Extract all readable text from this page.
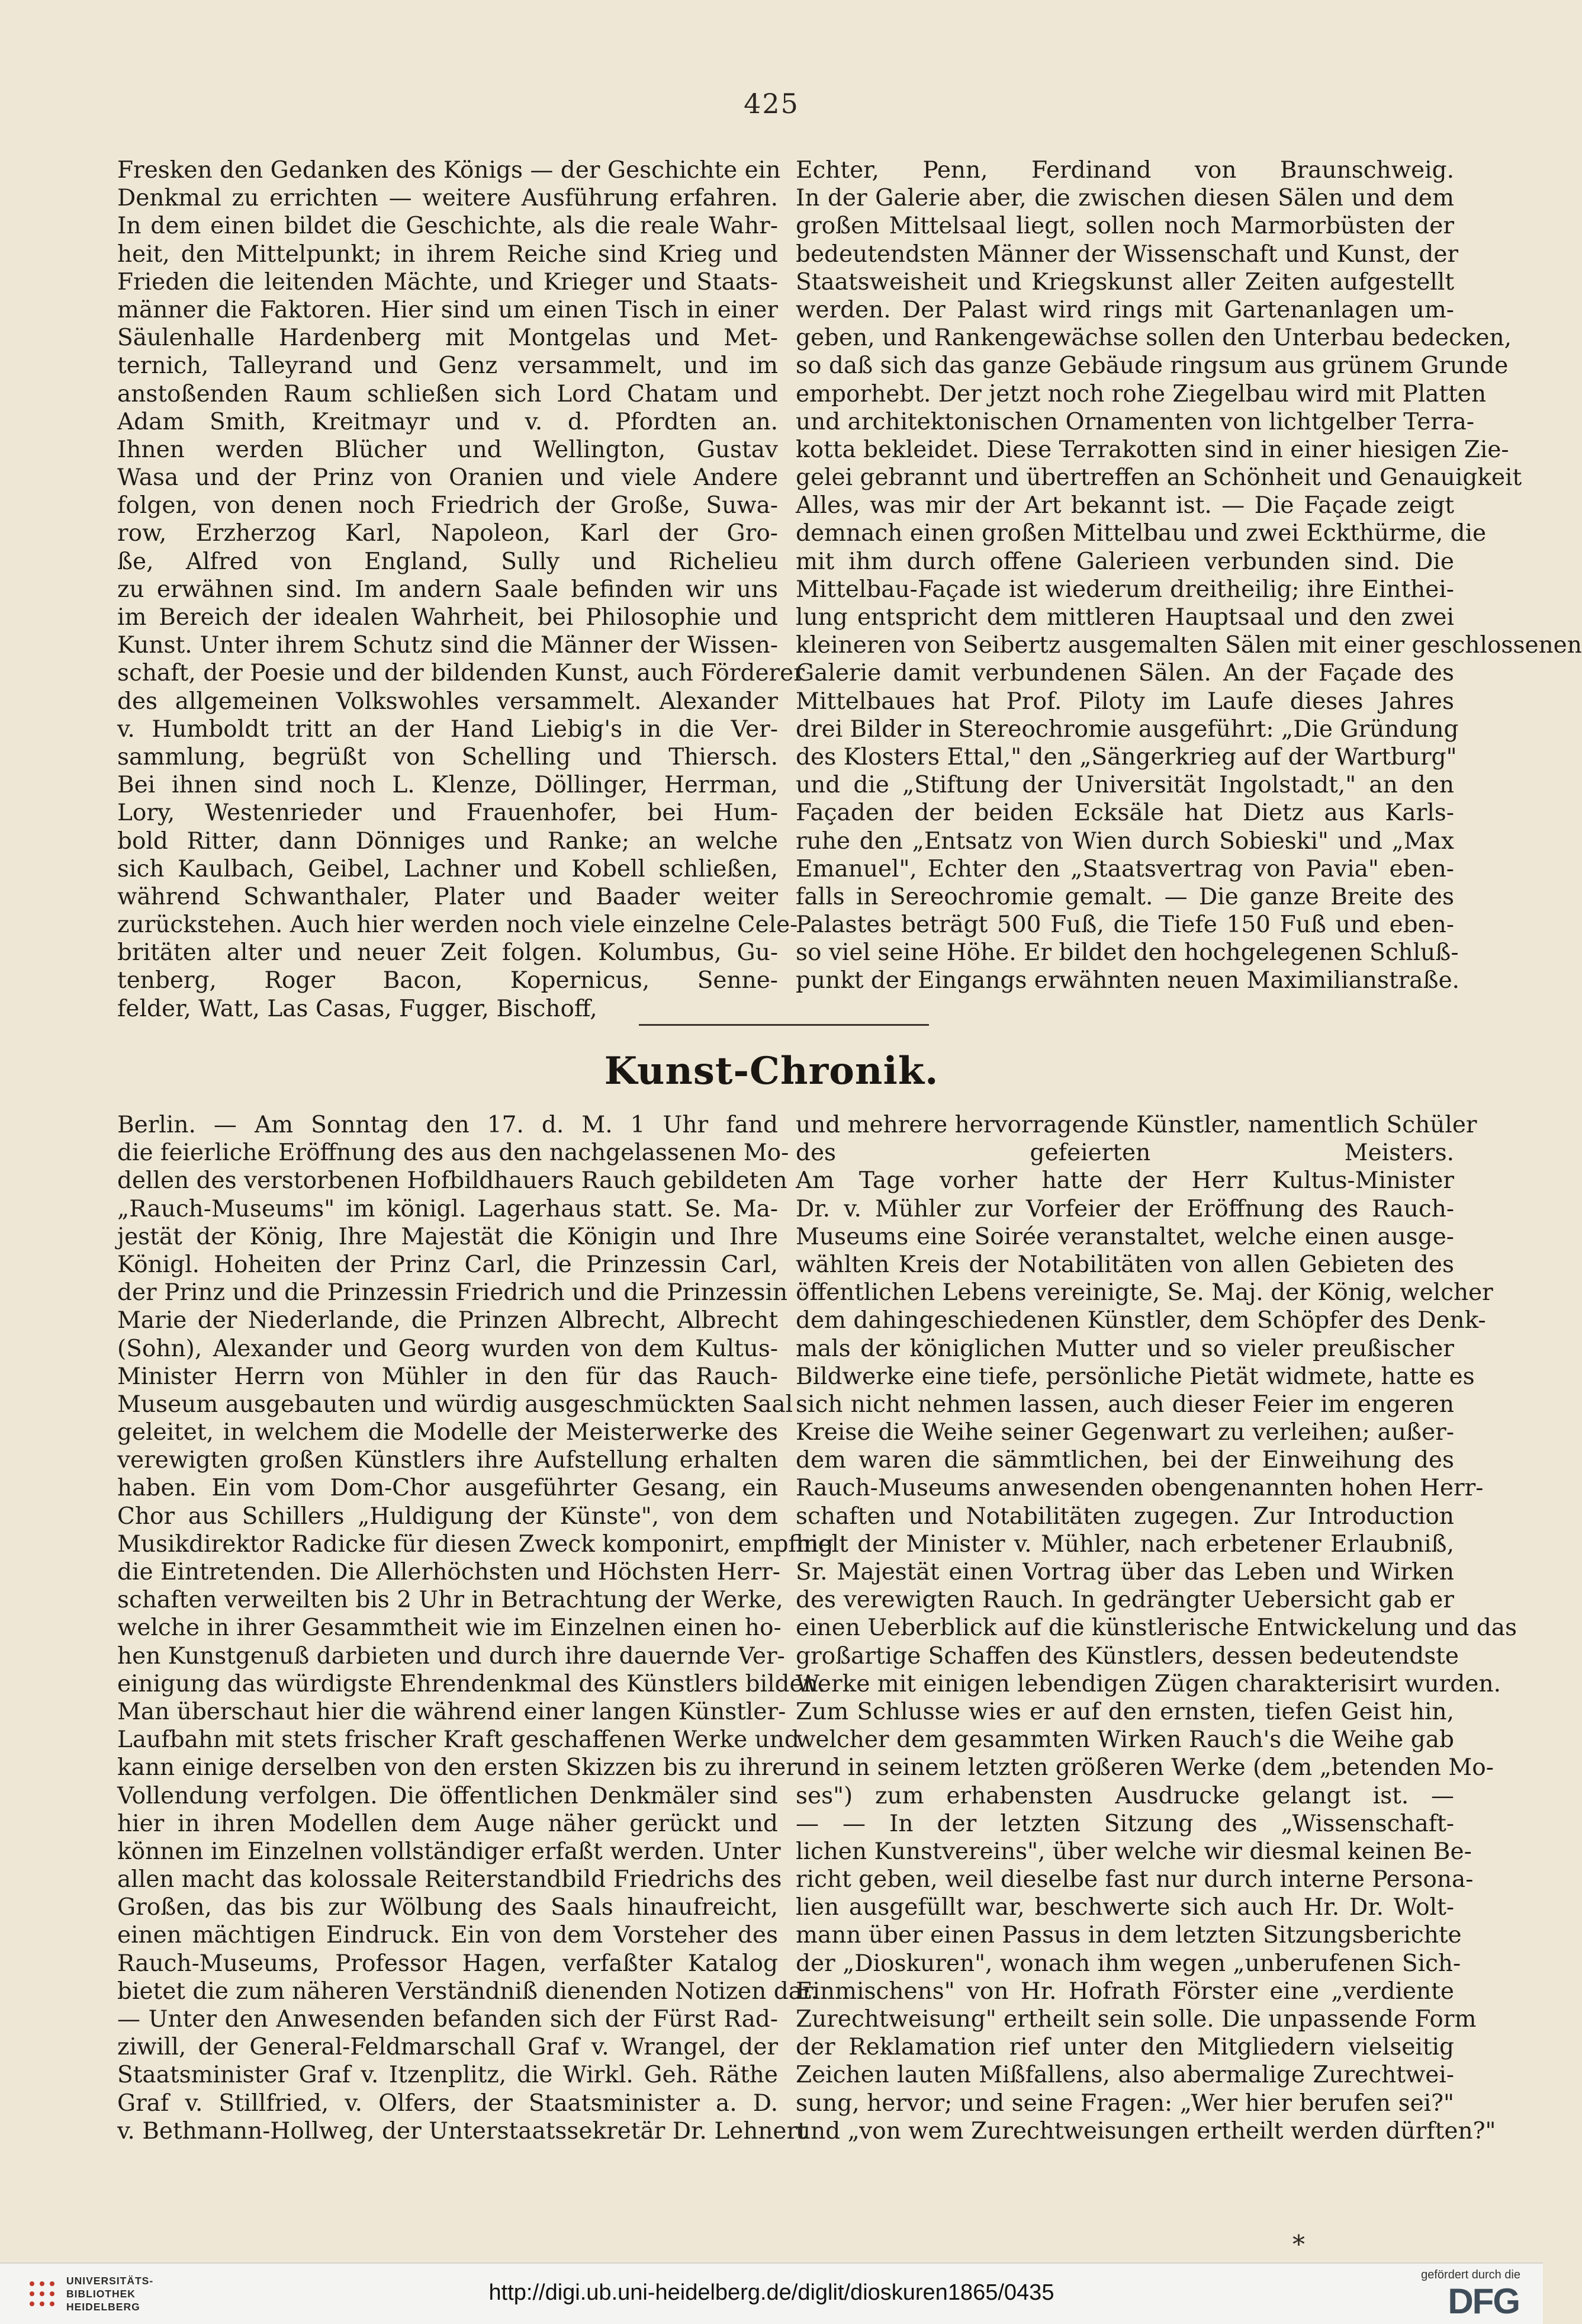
425
Fresken den Gedanken des Königs — der Geschichte ein
Denkmal zu errichten — weitere Ausführung erfahren.
In dem einen bildet die Geschichte, als die reale Wahr-
heit, den Mittelpunkt; in ihrem Reiche sind Krieg und
Frieden die leitenden Mächte, und Krieger und Staats-
männer die Faktoren. Hier sind um einen Tisch in einer
Säulenhalle Hardenberg mit Montgelas und Met-
ternich, Talleyrand und Genz versammelt, und im
anstoßenden Raum schließen sich Lord Chatam und
Adam Smith, Kreitmayr und v. d. Pfordten an.
Ihnen werden Blücher und Wellington, Gustav
Wasa und der Prinz von Oranien und viele Andere
folgen, von denen noch Friedrich der Große, Suwa-
row, Erzherzog Karl, Napoleon, Karl der Gro-
ße, Alfred von England, Sully und Richelieu
zu erwähnen sind. Im andern Saale befinden wir uns
im Bereich der idealen Wahrheit, bei Philosophie und
Kunst. Unter ihrem Schutz sind die Männer der Wissen-
schaft, der Poesie und der bildenden Kunst, auch Förderer
des allgemeinen Volkswohles versammelt. Alexander
v. Humboldt tritt an der Hand Liebig's in die Ver-
sammlung, begrüßt von Schelling und Thiersch.
Bei ihnen sind noch L. Klenze, Döllinger, Herrman,
Lory, Westenrieder und Frauenhofer, bei Hum-
bold Ritter, dann Dönniges und Ranke; an welche
sich Kaulbach, Geibel, Lachner und Kobell schließen,
während Schwanthaler, Plater und Baader weiter
zurückstehen. Auch hier werden noch viele einzelne Cele-
britäten alter und neuer Zeit folgen. Kolumbus, Gu-
tenberg, Roger Bacon, Kopernicus, Senne-
felder, Watt, Las Casas, Fugger, Bischoff,
Echter, Penn, Ferdinand von Braunschweig.
In der Galerie aber, die zwischen diesen Sälen und dem
großen Mittelsaal liegt, sollen noch Marmorbüsten der
bedeutendsten Männer der Wissenschaft und Kunst, der
Staatsweisheit und Kriegskunst aller Zeiten aufgestellt
werden. Der Palast wird rings mit Gartenanlagen um-
geben, und Rankengewächse sollen den Unterbau bedecken,
so daß sich das ganze Gebäude ringsum aus grünem Grunde
emporhebt. Der jetzt noch rohe Ziegelbau wird mit Platten
und architektonischen Ornamenten von lichtgelber Terra-
kotta bekleidet. Diese Terrakotten sind in einer hiesigen Zie-
gelei gebrannt und übertreffen an Schönheit und Genauigkeit
Alles, was mir der Art bekannt ist. — Die Façade zeigt
demnach einen großen Mittelbau und zwei Eckthürme, die
mit ihm durch offene Galerieen verbunden sind. Die
Mittelbau-Façade ist wiederum dreitheilig; ihre Einthei-
lung entspricht dem mittleren Hauptsaal und den zwei
kleineren von Seibertz ausgemalten Sälen mit einer geschlossenen
Galerie damit verbundenen Sälen. An der Façade des
Mittelbaues hat Prof. Piloty im Laufe dieses Jahres
drei Bilder in Stereochromie ausgeführt: „Die Gründung
des Klosters Ettal," den „Sängerkrieg auf der Wartburg"
und die „Stiftung der Universität Ingolstadt," an den
Façaden der beiden Ecksäle hat Dietz aus Karls-
ruhe den „Entsatz von Wien durch Sobieski" und „Max
Emanuel", Echter den „Staatsvertrag von Pavia" eben-
falls in Sereochromie gemalt. — Die ganze Breite des
Palastes beträgt 500 Fuß, die Tiefe 150 Fuß und eben-
so viel seine Höhe. Er bildet den hochgelegenen Schluß-
punkt der Eingangs erwähnten neuen Maximilianstraße.
Kunst-Chronik.
Berlin. — Am Sonntag den 17. d. M. 1 Uhr fand
die feierliche Eröffnung des aus den nachgelassenen Mo-
dellen des verstorbenen Hofbildhauers Rauch gebildeten
„Rauch-Museums" im königl. Lagerhaus statt. Se. Ma-
jestät der König, Ihre Majestät die Königin und Ihre
Königl. Hoheiten der Prinz Carl, die Prinzessin Carl,
der Prinz und die Prinzessin Friedrich und die Prinzessin
Marie der Niederlande, die Prinzen Albrecht, Albrecht
(Sohn), Alexander und Georg wurden von dem Kultus-
Minister Herrn von Mühler in den für das Rauch-
Museum ausgebauten und würdig ausgeschmückten Saal
geleitet, in welchem die Modelle der Meisterwerke des
verewigten großen Künstlers ihre Aufstellung erhalten
haben. Ein vom Dom-Chor ausgeführter Gesang, ein
Chor aus Schillers „Huldigung der Künste", von dem
Musikdirektor Radicke für diesen Zweck komponirt, empfing
die Eintretenden. Die Allerhöchsten und Höchsten Herr-
schaften verweilten bis 2 Uhr in Betrachtung der Werke,
welche in ihrer Gesammtheit wie im Einzelnen einen ho-
hen Kunstgenuß darbieten und durch ihre dauernde Ver-
einigung das würdigste Ehrendenkmal des Künstlers bilden.
Man überschaut hier die während einer langen Künstler-
Laufbahn mit stets frischer Kraft geschaffenen Werke und
kann einige derselben von den ersten Skizzen bis zu ihrer
Vollendung verfolgen. Die öffentlichen Denkmäler sind
hier in ihren Modellen dem Auge näher gerückt und
können im Einzelnen vollständiger erfaßt werden. Unter
allen macht das kolossale Reiterstandbild Friedrichs des
Großen, das bis zur Wölbung des Saals hinaufreicht,
einen mächtigen Eindruck. Ein von dem Vorsteher des
Rauch-Museums, Professor Hagen, verfaßter Katalog
bietet die zum näheren Verständniß dienenden Notizen dar.
— Unter den Anwesenden befanden sich der Fürst Rad-
ziwill, der General-Feldmarschall Graf v. Wrangel, der
Staatsminister Graf v. Itzenplitz, die Wirkl. Geh. Räthe
Graf v. Stillfried, v. Olfers, der Staatsminister a. D.
v. Bethmann-Hollweg, der Unterstaatssekretär Dr. Lehnert
und mehrere hervorragende Künstler, namentlich Schüler
des gefeierten Meisters.
Am Tage vorher hatte der Herr Kultus-Minister
Dr. v. Mühler zur Vorfeier der Eröffnung des Rauch-
Museums eine Soirée veranstaltet, welche einen ausge-
wählten Kreis der Notabilitäten von allen Gebieten des
öffentlichen Lebens vereinigte, Se. Maj. der König, welcher
dem dahingeschiedenen Künstler, dem Schöpfer des Denk-
mals der königlichen Mutter und so vieler preußischer
Bildwerke eine tiefe, persönliche Pietät widmete, hatte es
sich nicht nehmen lassen, auch dieser Feier im engeren
Kreise die Weihe seiner Gegenwart zu verleihen; außer-
dem waren die sämmtlichen, bei der Einweihung des
Rauch-Museums anwesenden obengenannten hohen Herr-
schaften und Notabilitäten zugegen. Zur Introduction
hielt der Minister v. Mühler, nach erbetener Erlaubniß,
Sr. Majestät einen Vortrag über das Leben und Wirken
des verewigten Rauch. In gedrängter Uebersicht gab er
einen Ueberblick auf die künstlerische Entwickelung und das
großartige Schaffen des Künstlers, dessen bedeutendste
Werke mit einigen lebendigen Zügen charakterisirt wurden.
Zum Schlusse wies er auf den ernsten, tiefen Geist hin,
welcher dem gesammten Wirken Rauch's die Weihe gab
und in seinem letzten größeren Werke (dem „betenden Mo-
ses") zum erhabensten Ausdrucke gelangt ist. —
— — In der letzten Sitzung des „Wissenschaft-
lichen Kunstvereins", über welche wir diesmal keinen Be-
richt geben, weil dieselbe fast nur durch interne Persona-
lien ausgefüllt war, beschwerte sich auch Hr. Dr. Wolt-
mann über einen Passus in dem letzten Sitzungsberichte
der „Dioskuren", wonach ihm wegen „unberufenen Sich-
Einmischens" von Hr. Hofrath Förster eine „verdiente
Zurechtweisung" ertheilt sein solle. Die unpassende Form
der Reklamation rief unter den Mitgliedern vielseitig
Zeichen lauten Mißfallens, also abermalige Zurechtwei-
sung, hervor; und seine Fragen: „Wer hier berufen sei?"
und „von wem Zurechtweisungen ertheilt werden dürften?"
*
UNIVERSITÄTS-
BIBLIOTHEK
HEIDELBERG
http://digi.ub.uni-heidelberg.de/diglit/dioskuren1865/0435
gefördert durch die
DFG
